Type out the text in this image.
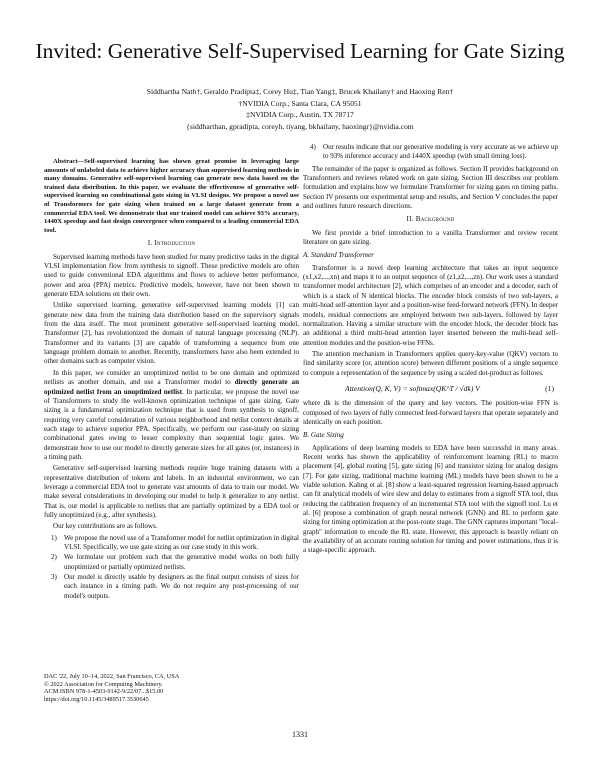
Invited: Generative Self-Supervised Learning for Gate Sizing
Siddhartha Nath†, Geraldo Pradipta‡, Corey Hu‡, Tian Yang‡, Brucek Khailany† and Haoxing Ren†
†NVIDIA Corp., Santa Clara, CA 95051
‡NVIDIA Corp., Austin, TX 78717
{siddharthan, gpradipta, coreyh, tiyang, bkhailany, haoxingr}@nvidia.com

Abstract—Self-supervised learning has shown great promise in leveraging large amounts of unlabeled data to achieve higher accuracy than supervised learning methods in many domains. Generative self-supervised learning can generate new data based on the trained data distribution. In this paper, we evaluate the effectiveness of generative self-supervised learning on combinational gate sizing in VLSI designs. We propose a novel use of Transformers for gate sizing when trained on a large dataset generate from a commercial EDA tool. We demonstrate that our trained model can achieve 93% accuracy, 1440X speedup and fast design convergence when compared to a leading commercial EDA tool.

I. Introduction

Supervised learning methods have been studied for many predictive tasks in the digital VLSI implementation flow from synthesis to signoff. These predictive models are often used to guide conventional EDA algorithms and flows to achieve better performance, power and area (PPA) metrics. Predictive models, however, have not been shown to generate EDA solutions on their own.

Unlike supervised learning, generative self-supervised learning models [1] can generate new data from the training data distribution based on the supervisory signals from the data itself. The most prominent generative self-supervised learning model, Transformer [2], has revolutionized the domain of natural language processing (NLP). Transformer and its variants [3] are capable of transforming a sequence from one language problem domain to another. Recently, transformers have also been extended to other domains such as computer vision.

In this paper, we consider an unoptimized netlist to be one domain and optimized netlists as another domain, and use a Transformer model to directly generate an optimized netlist from an unoptimized netlist. In particular, we propose the novel use of Transformers to study the well-known optimization technique of gate sizing. Gate sizing is a fundamental optimization technique that is used from synthesis to signoff, requiring very careful consideration of various neighborhood and netlist context details at each stage to achieve superior PPA. Specifically, we perform our case-study on sizing combinational gates owing to lesser complexity than sequential logic gates. We demonstrate how to use our model to directly generate sizes for all gates (or, instances) in a timing path.

Generative self-supervised learning methods require huge training datasets with a representative distribution of tokens and labels. In an industrial environment, we can leverage a commercial EDA tool to generate vast amounts of data to train our model. We make several considerations in developing our model to help it generalize to any netlist. That is, our model is applicable to netlists that are partially optimized by a EDA tool or fully unoptimized (e.g., after synthesis).

Our key contributions are as follows.

1) We propose the novel use of a Transformer model for netlist optimization in digital VLSI. Specifically, we use gate sizing as our case study in this work.
2) We formulate our problem such that the generative model works on both fully unoptimized or partially optimized netlists.
3) Our model is directly usable by designers as the final output consists of sizes for each instance in a timing path. We do not require any post-processing of our model's outputs.
DAC '22, July 10–14, 2022, San Francisco, CA, USA
© 2022 Association for Computing Machinery.
ACM ISBN 978-1-4503-9142-9/22/07...$15.00
https://doi.org/10.1145/3489517.3530645
4) Our results indicate that our generative modeling is very accurate as we achieve up to 93% inference accuracy and 1440X speedup (with small timing loss).

The remainder of the paper is organized as follows. Section II provides background on Transformers and reviews related work on gate sizing. Section III describes our problem formulation and explains how we formulate Transformer for sizing gates on timing paths. Section IV presents our experimental setup and results, and Section V concludes the paper and outlines future research directions.

II. Background

We first provide a brief introduction to a vanilla Transformer and review recent literature on gate sizing.

A. Standard Transformer

Transformer is a novel deep learning architecture that takes an input sequence (x1,x2,...,xn) and maps it to an output sequence of (z1,z2,...,zn). Our work uses a standard transformer model architecture [2], which comprises of an encoder and a decoder, each of which is a stack of N identical blocks. The encoder block consists of two sub-layers, a multi-head self-attention layer and a position-wise feed-forward network (FFN). In deeper models, residual connections are employed between two sub-layers, followed by layer normalization. Having a similar structure with the encoder block, the decoder block has an additional a third multi-head attention layer inserted between the multi-head self-attention modules and the position-wise FFNs.

The attention mechanism in Transformers applies query-key-value (QKV) vectors to find similarity score (or, attention score) between different positions of a single sequence to compute a representation of the sequence by using a scaled dot-product as follows.

Attention(Q, K, V) = softmax(QK^T / √dk) V	(1)

where dk is the dimension of the query and key vectors. The position-wise FFN is composed of two layers of fully connected feed-forward layers that operate separately and identically on each position.

B. Gate Sizing

Applications of deep learning models to EDA have been successful in many areas. Recent works has shown the applicability of reinforcement learning (RL) to macro placement [4], global routing [5], gate sizing [6] and transistor sizing for analog designs [7]. For gate sizing, traditional machine learning (ML) models have been shown to be a viable solution. Kahng et al. [8] show a least-squared regression learning-based approach can fit analytical models of wire slew and delay to estimates from a signoff STA tool, thus reducing the calibration frequency of an incremental STA tool with the signoff tool. Lu et al. [6] propose a combination of graph neural network (GNN) and RL to perform gate sizing for timing optimization at the post-route stage. The GNN captures important "local-graph" information to encode the RL state. However, this approach is heavily reliant on the availability of an accurate routing solution for timing and power estimations, thus it is a stage-specific approach.

1331
